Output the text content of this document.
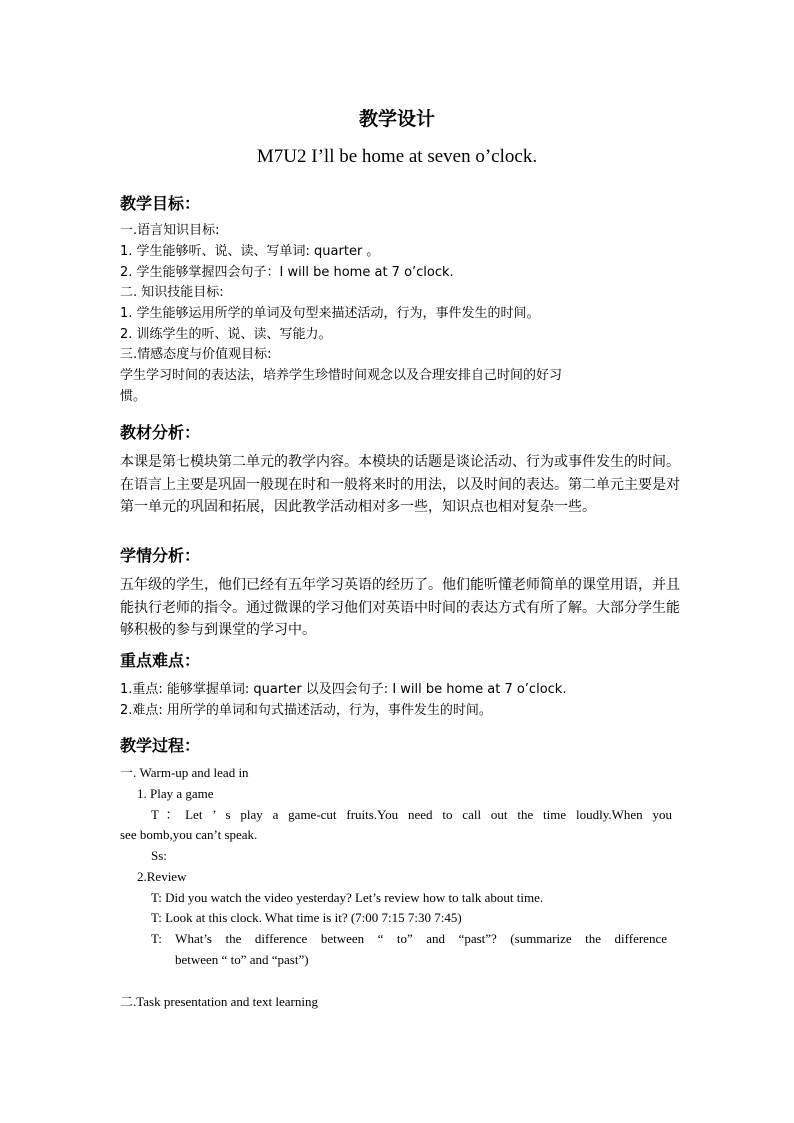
教学设计
M7U2 I’ll be home at seven o’clock.
教学目标：
一.语言知识目标:
1. 学生能够听、说、读、写单词: quarter 。
2. 学生能够掌握四会句子：I will be home at 7 o’clock.
二. 知识技能目标:
1. 学生能够运用所学的单词及句型来描述活动，行为，事件发生的时间。
2. 训练学生的听、说、读、写能力。
三.情感态度与价值观目标:
学生学习时间的表达法，培养学生珍惜时间观念以及合理安排自己时间的好习
惯。
教材分析：
本课是第七模块第二单元的教学内容。本模块的话题是谈论活动、行为或事件发生的时间。在语言上主要是巩固一般现在时和一般将来时的用法，以及时间的表达。第二单元主要是对第一单元的巩固和拓展，因此教学活动相对多一些，知识点也相对复杂一些。
学情分析：
五年级的学生，他们已经有五年学习英语的经历了。他们能听懂老师简单的课堂用语，并且能执行老师的指令。通过微课的学习他们对英语中时间的表达方式有所了解。大部分学生能够积极的参与到课堂的学习中。
重点难点：
1.重点: 能够掌握单词: quarter 以及四会句子: I will be home at 7 o’clock.
2.难点: 用所学的单词和句式描述活动，行为，事件发生的时间。
教学过程：
一. Warm-up and lead in
1. Play a game
T：Let ’ s play a game-cut fruits.You need to call out the time loudly.When you
see bomb,you can’t speak.
Ss:
2.Review
T: Did you watch the video yesterday? Let’s review how to talk about time.
T: Look at this clock. What time is it? (7:00 7:15 7:30 7:45)
T: What’s the difference between “ to” and “past”? (summarize the difference
between “ to” and “past”)
二.Task presentation and text learning
